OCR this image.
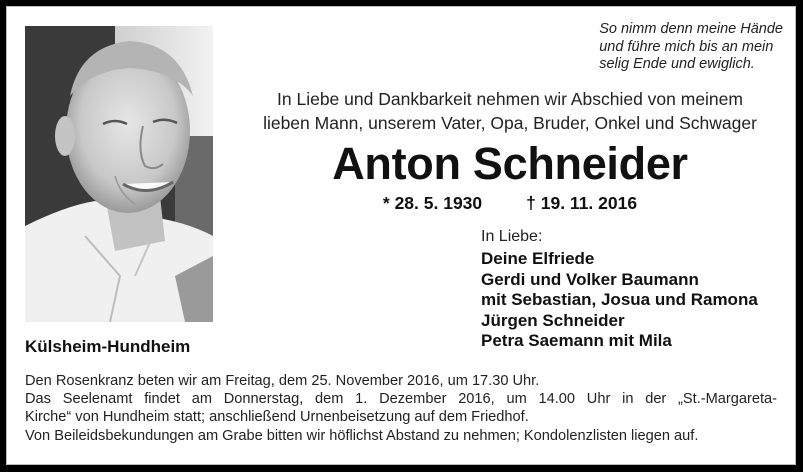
So nimm denn meine Hände
und führe mich bis an mein
selig Ende und ewiglich.
In Liebe und Dankbarkeit nehmen wir Abschied von meinem
lieben Mann, unserem Vater, Opa, Bruder, Onkel und Schwager
Anton Schneider
* 28. 5. 1930	† 19. 11. 2016
In Liebe:
Deine Elfriede
Gerdi und Volker Baumann
mit Sebastian, Josua und Ramona
Jürgen Schneider
Petra Saemann mit Mila
Külsheim-Hundheim
Den Rosenkranz beten wir am Freitag, dem 25. November 2016, um 17.30 Uhr.
Das Seelenamt findet am Donnerstag, dem 1. Dezember 2016, um 14.00 Uhr in der „St.-Margareta-
Kirche“ von Hundheim statt; anschließend Urnenbeisetzung auf dem Friedhof.
Von Beileidsbekundungen am Grabe bitten wir höflichst Abstand zu nehmen; Kondolenzlisten liegen auf.
